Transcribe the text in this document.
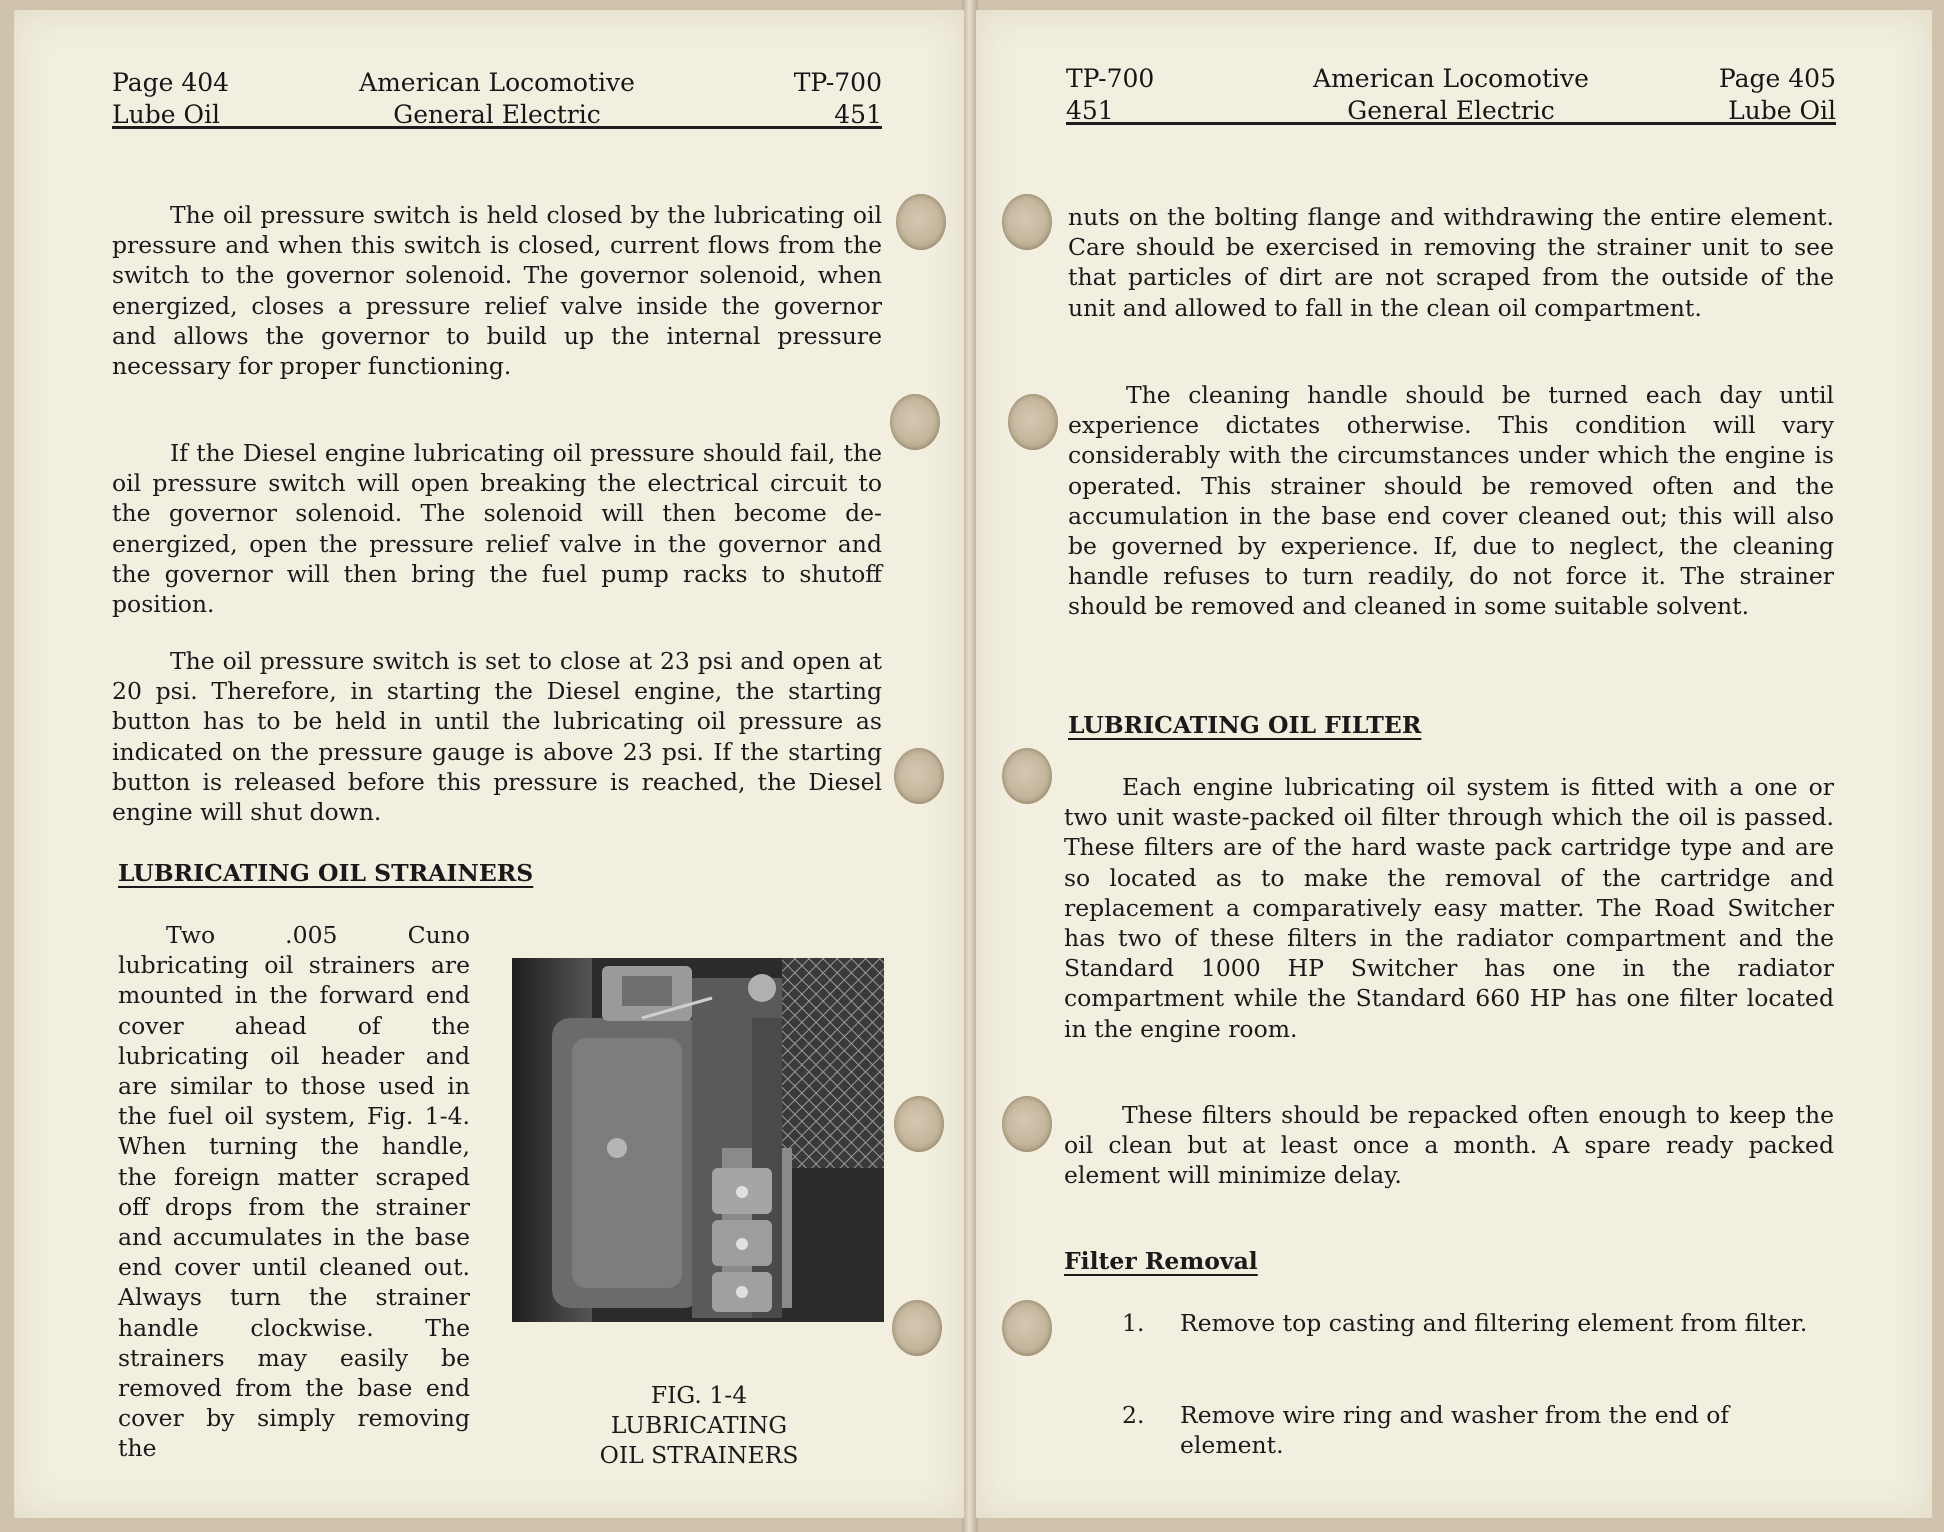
Page 404
Lube Oil
American Locomotive
General Electric
TP-700
451

The oil pressure switch is held closed by the lubricating oil pressure and when this switch is closed, current flows from the switch to the governor solenoid. The governor solenoid, when energized, closes a pressure relief valve inside the governor and allows the governor to build up the internal pressure necessary for proper functioning.

If the Diesel engine lubricating oil pressure should fail, the oil pressure switch will open breaking the electrical circuit to the governor solenoid. The solenoid will then become de-energized, open the pressure relief valve in the governor and the governor will then bring the fuel pump racks to shutoff position.

The oil pressure switch is set to close at 23 psi and open at 20 psi. Therefore, in starting the Diesel engine, the starting button has to be held in until the lubricating oil pressure as indicated on the pressure gauge is above 23 psi. If the starting button is released before this pressure is reached, the Diesel engine will shut down.

LUBRICATING OIL STRAINERS

Two .005 Cuno lubricating oil strainers are mounted in the forward end cover ahead of the lubricating oil header and are similar to those used in the fuel oil system, Fig. 1-4. When turning the handle, the foreign matter scraped off drops from the strainer and accumulates in the base end cover until cleaned out. Always turn the strainer handle clockwise. The strainers may easily be removed from the base end cover by simply removing the

FIG. 1-4
LUBRICATING
OIL STRAINERS

TP-700
451
American Locomotive
General Electric
Page 405
Lube Oil

nuts on the bolting flange and withdrawing the entire element. Care should be exercised in removing the strainer unit to see that particles of dirt are not scraped from the outside of the unit and allowed to fall in the clean oil compartment.

The cleaning handle should be turned each day until experience dictates otherwise. This condition will vary considerably with the circumstances under which the engine is operated. This strainer should be removed often and the accumulation in the base end cover cleaned out; this will also be governed by experience. If, due to neglect, the cleaning handle refuses to turn readily, do not force it. The strainer should be removed and cleaned in some suitable solvent.

LUBRICATING OIL FILTER

Each engine lubricating oil system is fitted with a one or two unit waste-packed oil filter through which the oil is passed. These filters are of the hard waste pack cartridge type and are so located as to make the removal of the cartridge and replacement a comparatively easy matter. The Road Switcher has two of these filters in the radiator compartment and the Standard 1000 HP Switcher has one in the radiator compartment while the Standard 660 HP has one filter located in the engine room.

These filters should be repacked often enough to keep the oil clean but at least once a month. A spare ready packed element will minimize delay.

Filter Removal
1. Remove top casting and filtering element from filter.
2. Remove wire ring and washer from the end of element.
